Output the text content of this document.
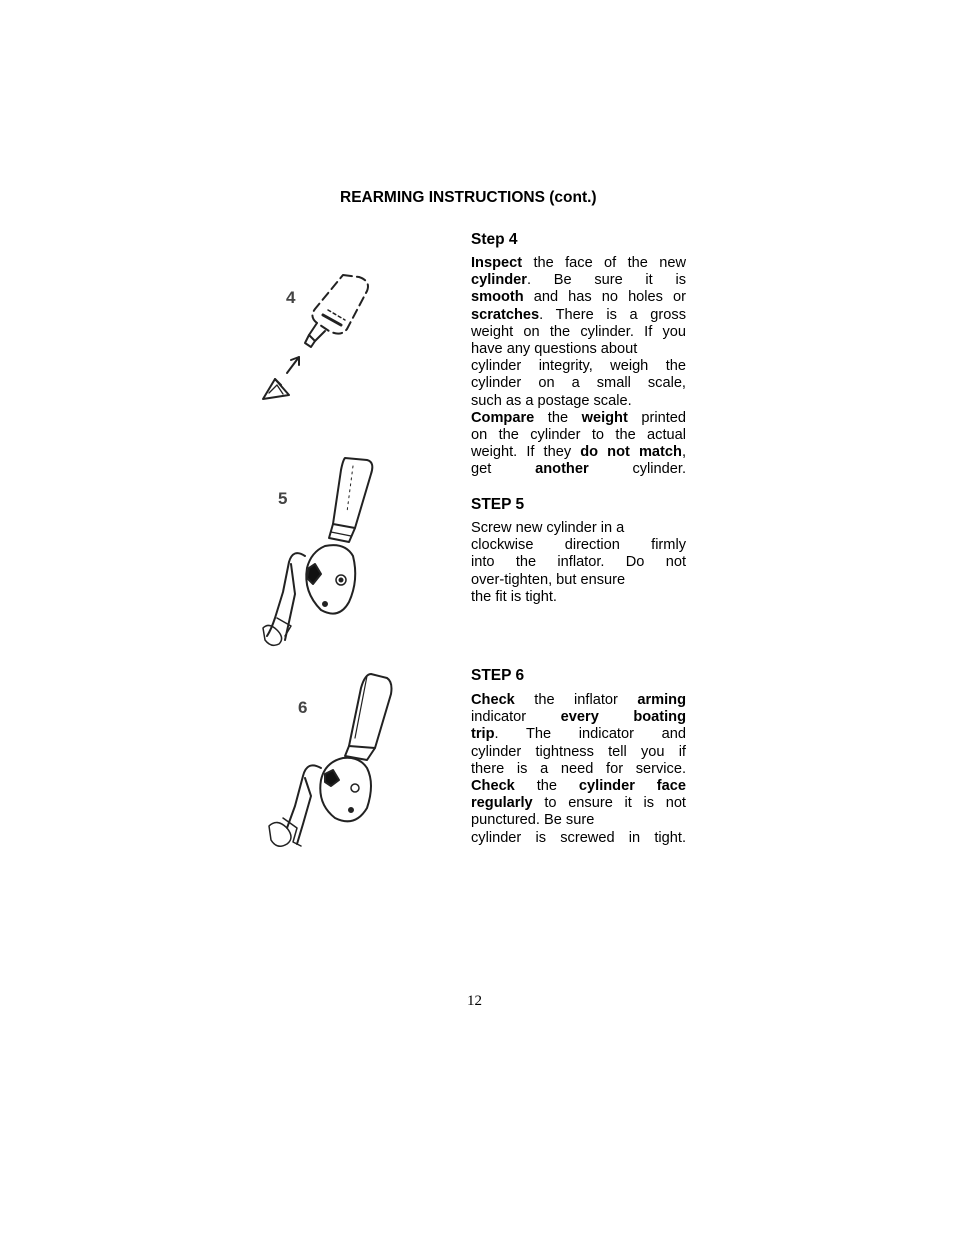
REARMING INSTRUCTIONS (cont.)
4
5
6
Step 4
Inspect the face of the new
cylinder. Be sure it is
smooth and has no holes or
scratches. There is a gross
weight on the cylinder. If you
have any questions about
cylinder integrity, weigh the
cylinder on a small scale,
such as a postage scale.
Compare the weight printed
on the cylinder to the actual
weight. If they do not match,
get another cylinder.
STEP 5
Screw new cylinder in a
clockwise direction firmly
into the inflator. Do not
over-tighten, but ensure
the fit is tight.
STEP 6
Check the inflator arming
indicator every boating
trip. The indicator and
cylinder tightness tell you if
there is a need for service.
Check the cylinder face
regularly to ensure it is not
punctured. Be sure
cylinder is screwed in tight.
12
